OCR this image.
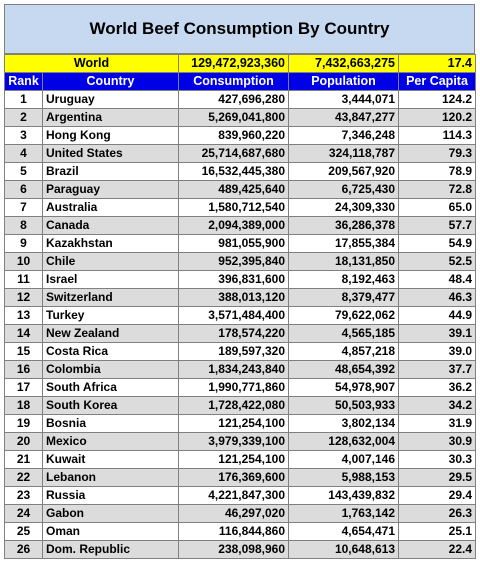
World Beef Consumption By Country
World		129,472,923,360	7,432,663,275	17.4
Rank	Country	Consumption	Population	Per Capita
1	Uruguay	427,696,280	3,444,071	124.2
2	Argentina	5,269,041,800	43,847,277	120.2
3	Hong Kong	839,960,220	7,346,248	114.3
4	United States	25,714,687,680	324,118,787	79.3
5	Brazil	16,532,445,380	209,567,920	78.9
6	Paraguay	489,425,640	6,725,430	72.8
7	Australia	1,580,712,540	24,309,330	65.0
8	Canada	2,094,389,000	36,286,378	57.7
9	Kazakhstan	981,055,900	17,855,384	54.9
10	Chile	952,395,840	18,131,850	52.5
11	Israel	396,831,600	8,192,463	48.4
12	Switzerland	388,013,120	8,379,477	46.3
13	Turkey	3,571,484,400	79,622,062	44.9
14	New Zealand	178,574,220	4,565,185	39.1
15	Costa Rica	189,597,320	4,857,218	39.0
16	Colombia	1,834,243,840	48,654,392	37.7
17	South Africa	1,990,771,860	54,978,907	36.2
18	South Korea	1,728,422,080	50,503,933	34.2
19	Bosnia	121,254,100	3,802,134	31.9
20	Mexico	3,979,339,100	128,632,004	30.9
21	Kuwait	121,254,100	4,007,146	30.3
22	Lebanon	176,369,600	5,988,153	29.5
23	Russia	4,221,847,300	143,439,832	29.4
24	Gabon	46,297,020	1,763,142	26.3
25	Oman	116,844,860	4,654,471	25.1
26	Dom. Republic	238,098,960	10,648,613	22.4
